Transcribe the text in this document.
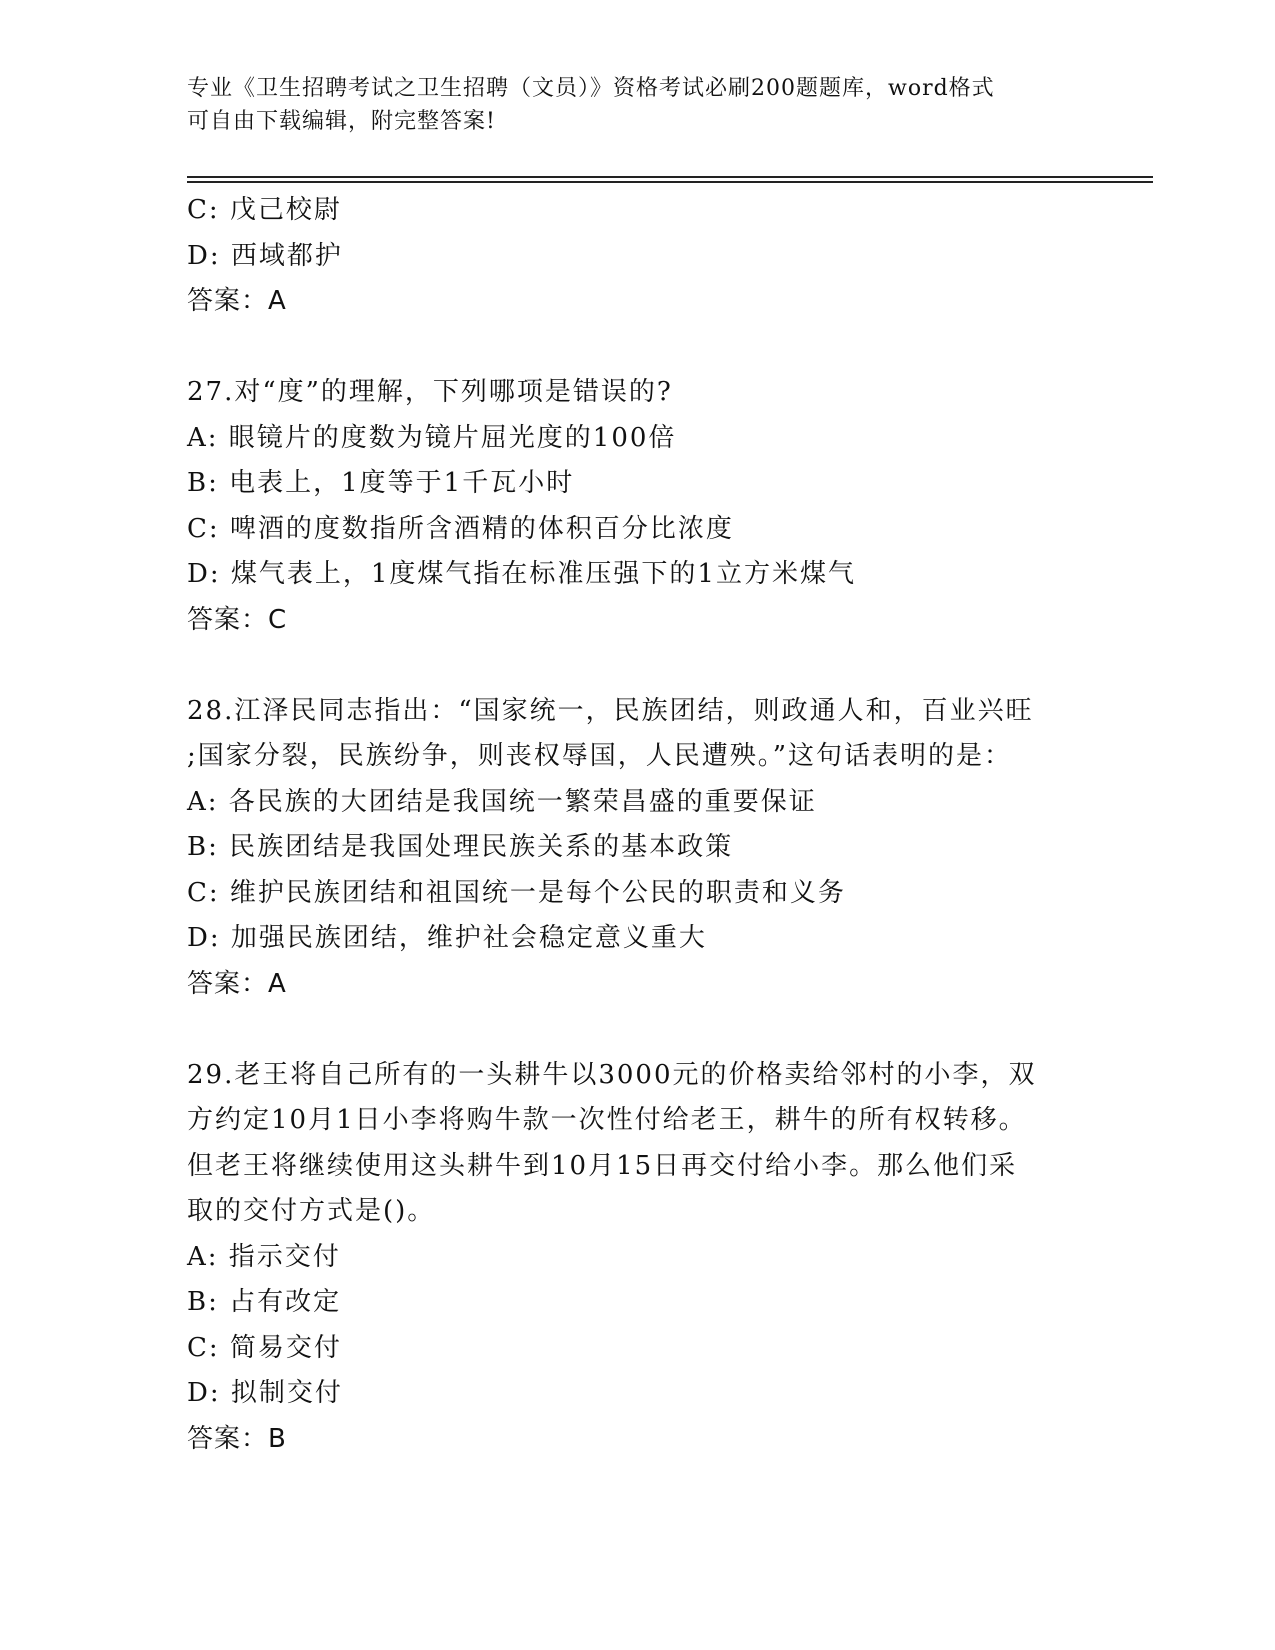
专业《卫生招聘考试之卫生招聘（文员）》资格考试必刷200题题库，word格式
可自由下载编辑，附完整答案!
C: 戊己校尉
D: 西域都护
答案：A
27.对“度”的理解，下列哪项是错误的?
A: 眼镜片的度数为镜片屈光度的100倍
B: 电表上，1度等于1千瓦小时
C: 啤酒的度数指所含酒精的体积百分比浓度
D: 煤气表上，1度煤气指在标准压强下的1立方米煤气
答案：C
28.江泽民同志指出：“国家统一，民族团结，则政通人和，百业兴旺
;国家分裂，民族纷争，则丧权辱国，人民遭殃。”这句话表明的是：
A: 各民族的大团结是我国统一繁荣昌盛的重要保证
B: 民族团结是我国处理民族关系的基本政策
C: 维护民族团结和祖国统一是每个公民的职责和义务
D: 加强民族团结，维护社会稳定意义重大
答案：A
29.老王将自己所有的一头耕牛以3000元的价格卖给邻村的小李，双
方约定10月1日小李将购牛款一次性付给老王，耕牛的所有权转移。
但老王将继续使用这头耕牛到10月15日再交付给小李。那么他们采
取的交付方式是()。
A: 指示交付
B: 占有改定
C: 简易交付
D: 拟制交付
答案：B
